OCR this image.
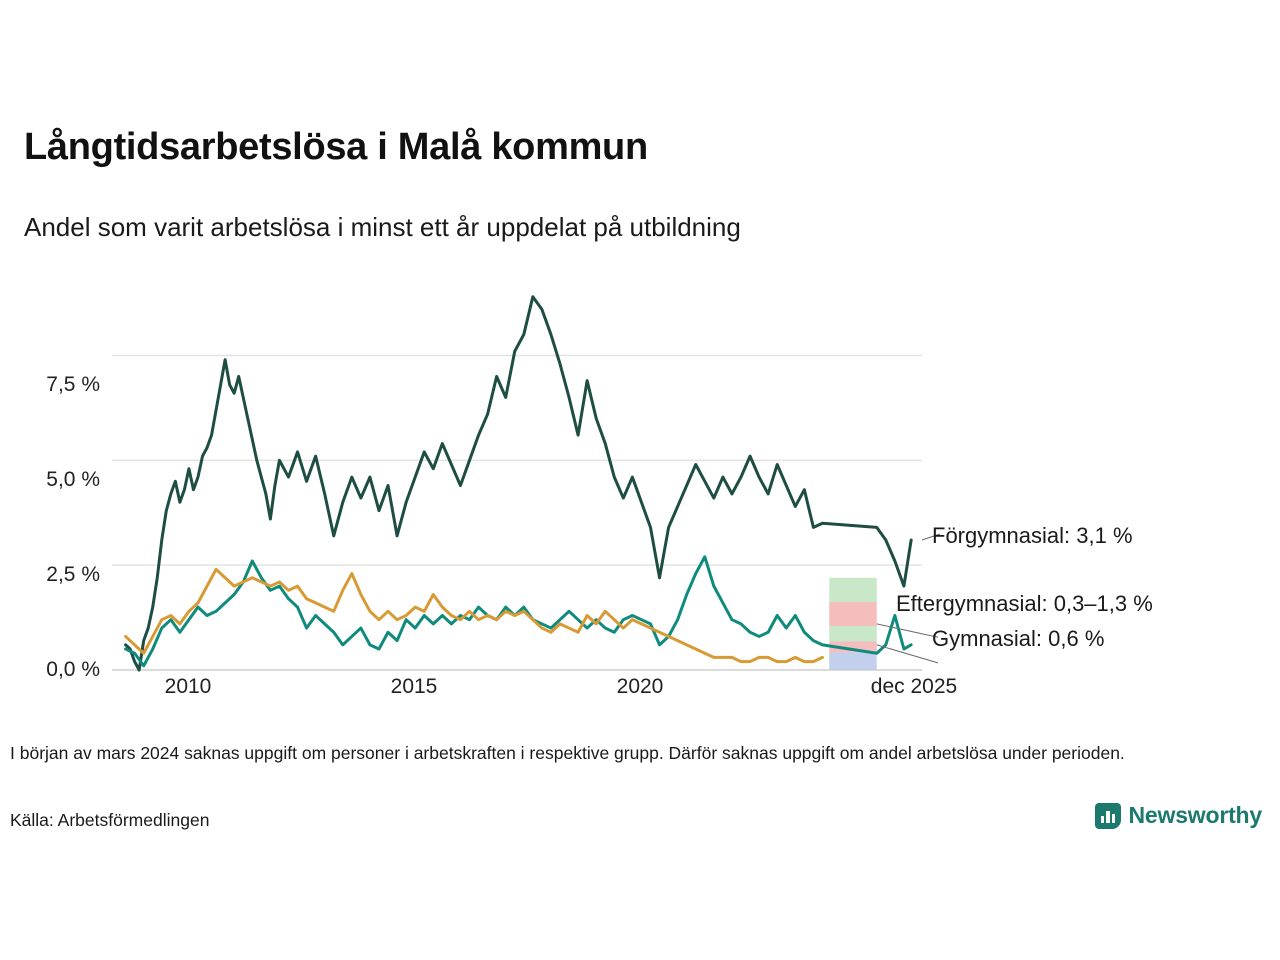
Långtidsarbetslösa i Malå kommun
Andel som varit arbetslösa i minst ett år uppdelat på utbildning
7,5 %
5,0 %
2,5 %
0,0 %
2010	2015	2020	dec 2025
Förgymnasial: 3,1 %
Eftergymnasial: 0,3–1,3 %
Gymnasial: 0,6 %
I början av mars 2024 saknas uppgift om personer i arbetskraften i respektive grupp. Därför saknas uppgift om andel arbetslösa under perioden.
Källa: Arbetsförmedlingen	Newsworthy
